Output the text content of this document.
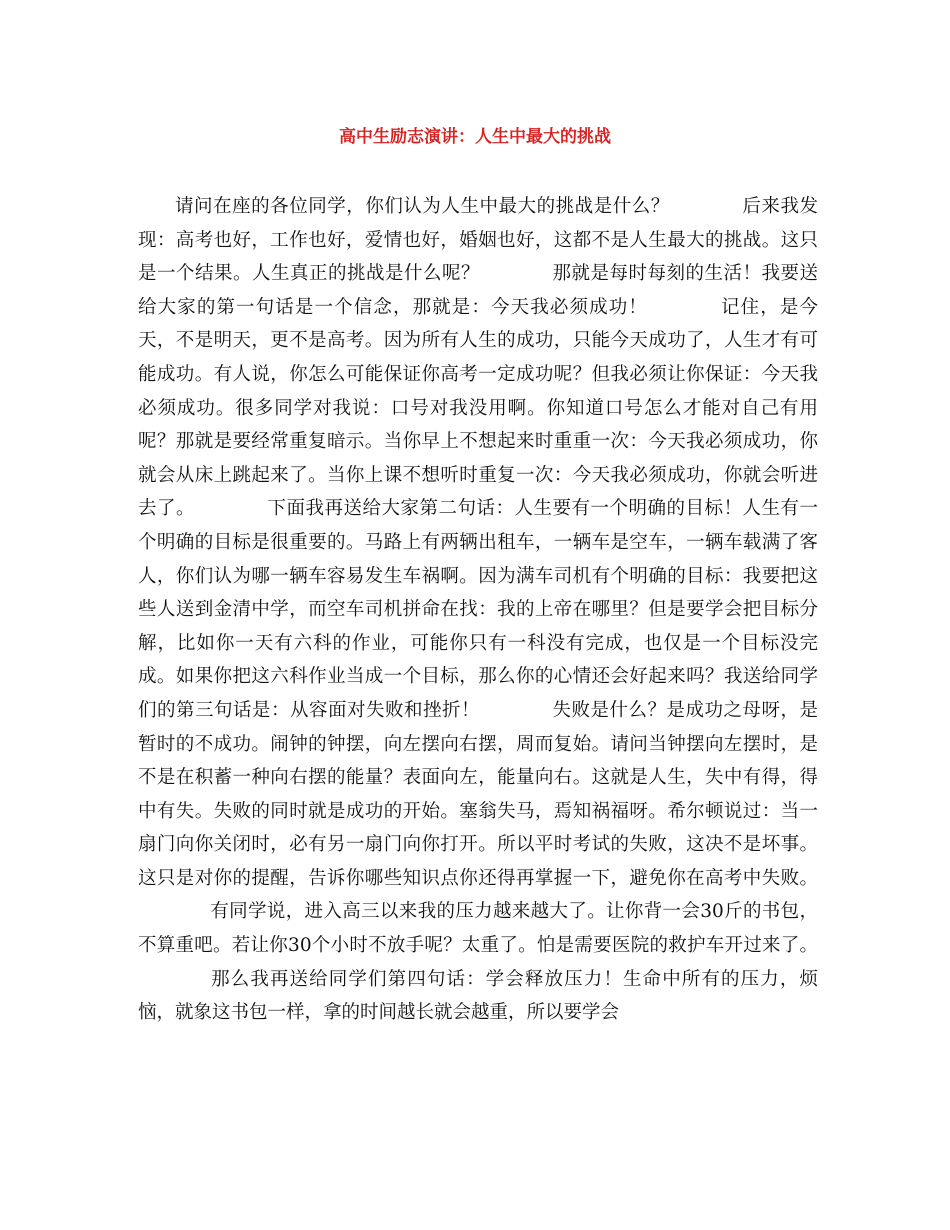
高中生励志演讲：人生中最大的挑战

请问在座的各位同学，你们认为人生中最大的挑战是什么？	后来我发现：高考也好，工作也好，爱情也好，婚姻也好，这都不是人生最大的挑战。这只是一个结果。人生真正的挑战是什么呢？	那就是每时每刻的生活！我要送给大家的第一句话是一个信念，那就是：今天我必须成功！	记住，是今天，不是明天，更不是高考。因为所有人生的成功，只能今天成功了，人生才有可能成功。有人说，你怎么可能保证你高考一定成功呢？但我必须让你保证：今天我必须成功。很多同学对我说：口号对我没用啊。你知道口号怎么才能对自己有用呢？那就是要经常重复暗示。当你早上不想起来时重重一次：今天我必须成功，你就会从床上跳起来了。当你上课不想听时重复一次：今天我必须成功，你就会听进去了。	下面我再送给大家第二句话：人生要有一个明确的目标！人生有一个明确的目标是很重要的。马路上有两辆出租车，一辆车是空车，一辆车载满了客人，你们认为哪一辆车容易发生车祸啊。因为满车司机有个明确的目标：我要把这些人送到金清中学，而空车司机拼命在找：我的上帝在哪里？但是要学会把目标分解，比如你一天有六科的作业，可能你只有一科没有完成，也仅是一个目标没完成。如果你把这六科作业当成一个目标，那么你的心情还会好起来吗？我送给同学们的第三句话是：从容面对失败和挫折！	失败是什么？是成功之母呀，是暂时的不成功。闹钟的钟摆，向左摆向右摆，周而复始。请问当钟摆向左摆时，是不是在积蓄一种向右摆的能量？表面向左，能量向右。这就是人生，失中有得，得中有失。失败的同时就是成功的开始。塞翁失马，焉知祸福呀。希尔顿说过：当一扇门向你关闭时，必有另一扇门向你打开。所以平时考试的失败，这决不是坏事。这只是对你的提醒，告诉你哪些知识点你还得再掌握一下，避免你在高考中失败。有同学说，进入高三以来我的压力越来越大了。让你背一会30斤的书包，不算重吧。若让你30个小时不放手呢？太重了。怕是需要医院的救护车开过来了。那么我再送给同学们第四句话：学会释放压力！生命中所有的压力，烦恼，就象这书包一样，拿的时间越长就会越重，所以要学会
